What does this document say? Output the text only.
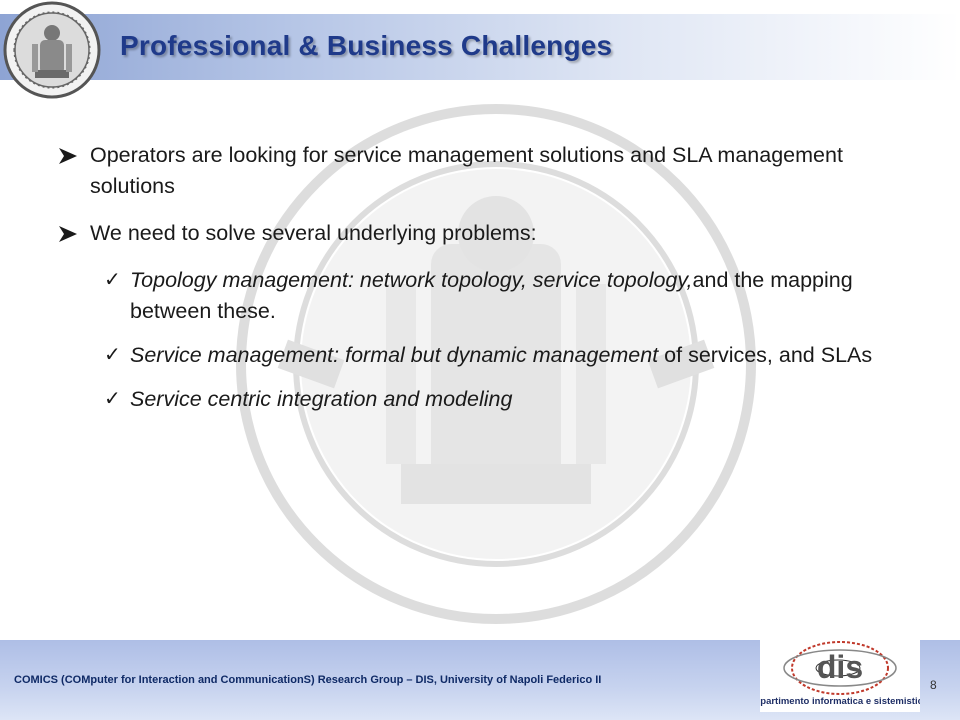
Professional & Business Challenges
Operators are looking for service management solutions and SLA management solutions
We need to solve several underlying problems:
✓ Topology management: network topology, service topology,and the mapping between these.
✓ Service management: formal but dynamic management of services, and SLAs
✓ Service centric integration and modeling
COMICS (COMputer for Interaction and CommunicationS) Research Group – DIS, University of Napoli Federico II	dis
dipartimento informatica e sistemistica
8
